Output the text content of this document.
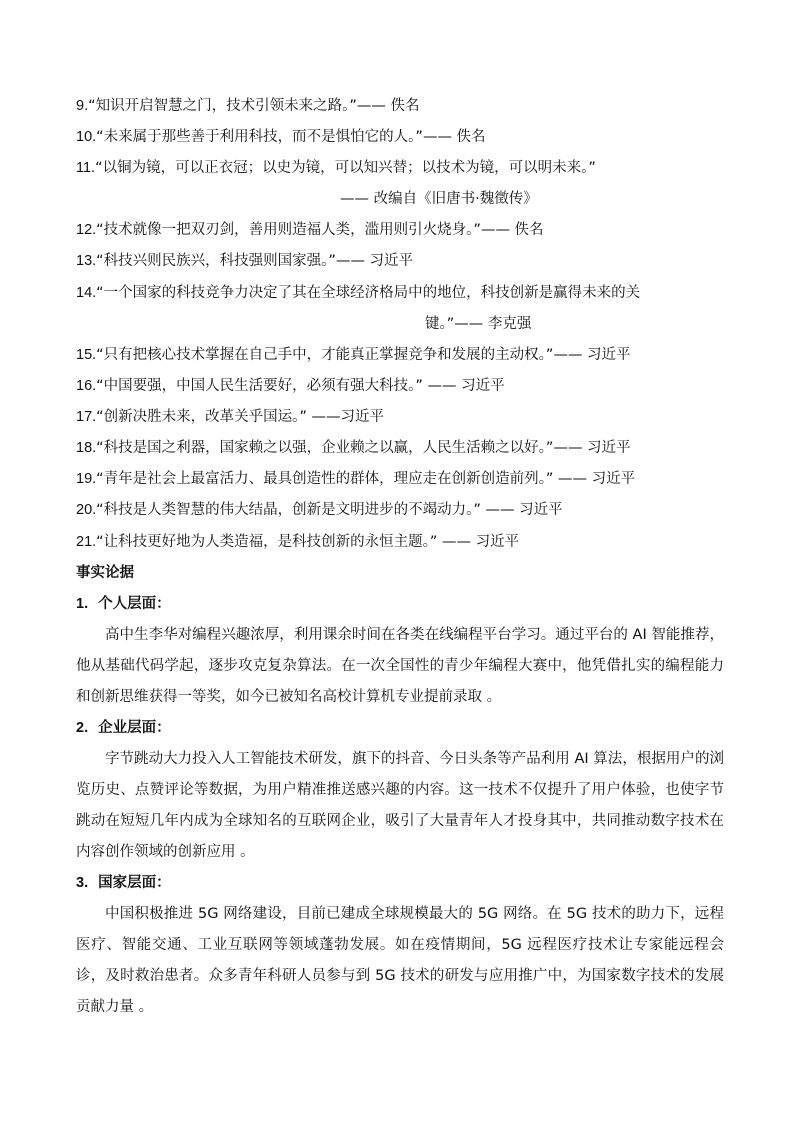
9.“知识开启智慧之门，技术引领未来之路。”—— 佚名
10.“未来属于那些善于利用科技，而不是惧怕它的人。”—— 佚名
11.“以铜为镜，可以正衣冠；以史为镜，可以知兴替；以技术为镜，可以明未来。”
—— 改编自《旧唐书·魏徵传》
12.“技术就像一把双刃剑，善用则造福人类，滥用则引火烧身。”—— 佚名
13.“科技兴则民族兴，科技强则国家强。”—— 习近平
14.“一个国家的科技竞争力决定了其在全球经济格局中的地位，科技创新是赢得未来的关
键。”—— 李克强
15.“只有把核心技术掌握在自己手中，才能真正掌握竞争和发展的主动权。”—— 习近平
16.“中国要强，中国人民生活要好，必须有强大科技。” —— 习近平
17.“创新决胜未来，改革关乎国运。” ——习近平
18.“科技是国之利器，国家赖之以强，企业赖之以赢，人民生活赖之以好。”—— 习近平
19.“青年是社会上最富活力、最具创造性的群体，理应走在创新创造前列。” —— 习近平
20.“科技是人类智慧的伟大结晶，创新是文明进步的不竭动力。” —— 习近平
21.“让科技更好地为人类造福，是科技创新的永恒主题。” —— 习近平
事实论据
1. 个人层面：
高中生李华对编程兴趣浓厚，利用课余时间在各类在线编程平台学习。通过平台的 AI 智能推荐，他从基础代码学起，逐步攻克复杂算法。在一次全国性的青少年编程大赛中，他凭借扎实的编程能力和创新思维获得一等奖，如今已被知名高校计算机专业提前录取 。
2. 企业层面：
字节跳动大力投入人工智能技术研发，旗下的抖音、今日头条等产品利用 AI 算法，根据用户的浏览历史、点赞评论等数据，为用户精准推送感兴趣的内容。这一技术不仅提升了用户体验，也使字节跳动在短短几年内成为全球知名的互联网企业，吸引了大量青年人才投身其中，共同推动数字技术在内容创作领域的创新应用 。
3. 国家层面：
中国积极推进 5G 网络建设，目前已建成全球规模最大的 5G 网络。在 5G 技术的助力下，远程医疗、智能交通、工业互联网等领域蓬勃发展。如在疫情期间，5G 远程医疗技术让专家能远程会诊，及时救治患者。众多青年科研人员参与到 5G 技术的研发与应用推广中，为国家数字技术的发展贡献力量 。
